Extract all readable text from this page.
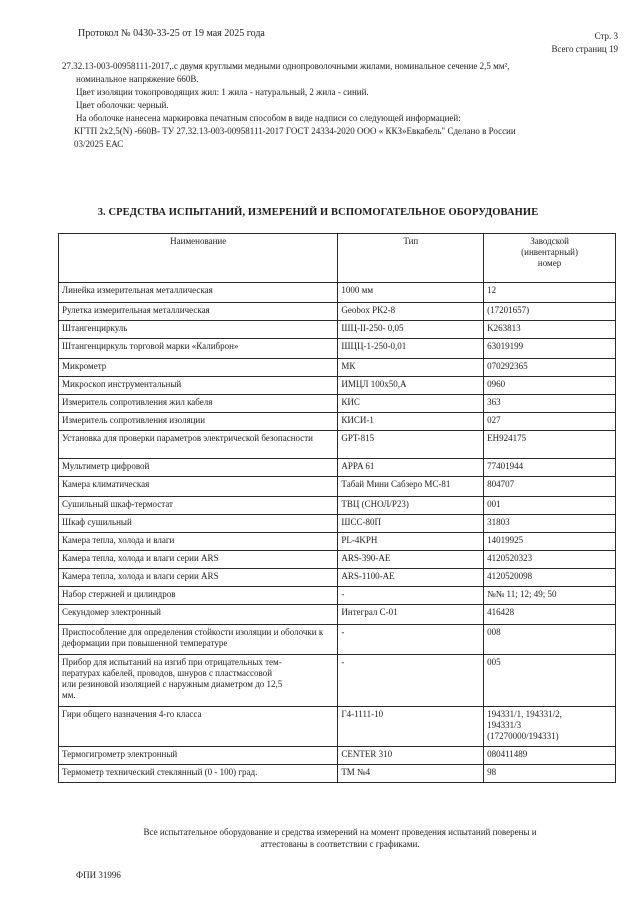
Протокол № 0430-33-25 от 19 мая 2025 года	Стр. 3
Всего страниц 19

27.32.13-003-00958111-2017,.с двумя круглыми медными однопроволочными жилами, номинальное сечение 2,5 мм²,

номинальное напряжение 660В.

Цвет изоляции токопроводящих жил: 1 жила - натуральный, 2 жила - синий.

Цвет оболочки: черный.

На оболочке нанесена маркировка печатным способом в виде надписи со следующей информацией:

КГТП 2х2,5(N) -660В- ТУ 27.32.13-003-00958111-2017 ГОСТ 24334-2020 ООО « ККЗ»Евкабель" Сделано в России

03/2025 ЕАС

3. СРЕДСТВА ИСПЫТАНИЙ, ИЗМЕРЕНИЙ И ВСПОМОГАТЕЛЬНОЕ ОБОРУДОВАНИЕ
Наименование	Тип	Заводской
(инвентарный)
номер
Линейка измерительная металлическая	1000 мм	12
Рулетка измерительная металлическая	Geobox РК2-8	(17201657)
Штангенциркуль	ШЦ-II-250- 0,05	K263813
Штангенциркуль торговой марки «Калиброн»	ШЦЦ-1-250-0,01	63019199
Микрометр	МК	070292365
Микроскоп инструментальный	ИМЦЛ 100х50,А	0960
Измеритель сопротивления жил кабеля	КИС	363
Измеритель сопротивления изоляции	КИСИ-1	027
Установка для проверки параметров электрической безопасности	GPT-815	EH924175
Мультиметр цифровой	APPA 61	77401944
Камера климатическая	Табай Мини Сабзеро МС-81	804707
Сушильный шкаф-термостат	ТВЦ (СНОЛ/Р23)	001
Шкаф сушильный	ШСС-80П	31803
Камера тепла, холода и влаги	PL-4KPH	14019925
Камера тепла, холода и влаги серии ARS	ARS-390-AE	4120520323
Камера тепла, холода и влаги серии ARS	ARS-1100-AE	4120520098
Набор стержней и цилиндров	-	№№ 11; 12; 49; 50
Секундомер электронный	Интеграл С-01	416428
Приспособление для определения стойкости изоляции и оболочки к деформации при повышенной температуре	-	008
Прибор для испытаний на изгиб при отрицательных тем-
пературах кабелей, проводов, шнуров с пластмассовой
или резиновой изоляцией с наружным диаметром до 12,5
мм.	-	005
Гири общего назначения 4-го класса	Г4-1111-10	194331/1, 194331/2,
194331/3
(17270000/194331)
Термогигрометр электронный	CENTER 310	080411489
Термометр технический стеклянный (0 - 100) град.	ТМ №4	98
Все испытательное оборудование и средства измерений на момент проведения испытаний поверены и
аттестованы в соответствии с графиками.
ФПИ 31996
